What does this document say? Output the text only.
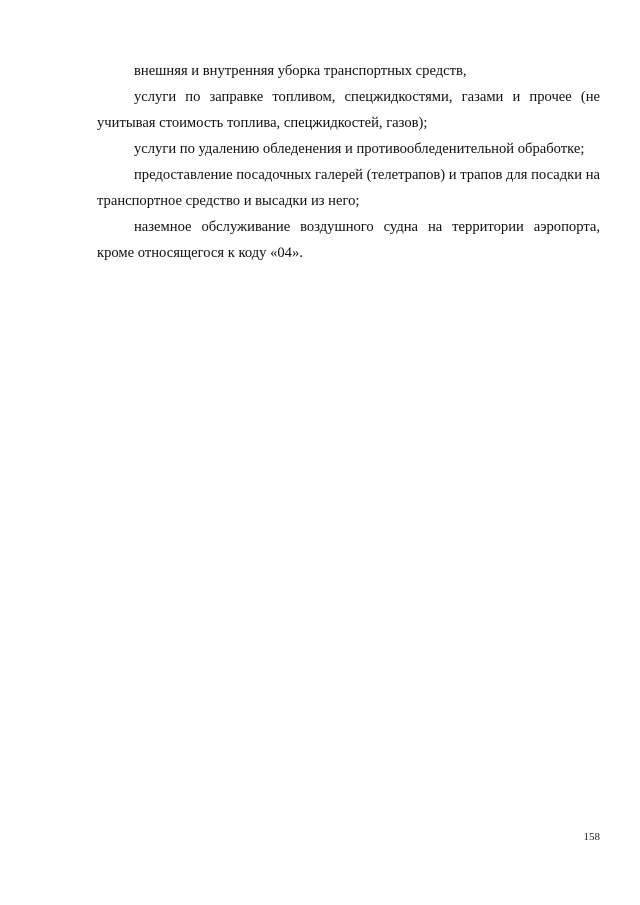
внешняя и внутренняя уборка транспортных средств,

услуги по заправке топливом, спецжидкостями, газами и прочее (не учитывая стоимость топлива, спецжидкостей, газов);

услуги по удалению обледенения и противообледенительной обработке;

предоставление посадочных галерей (телетрапов) и трапов для посадки на транспортное средство и высадки из него;

наземное обслуживание воздушного судна на территории аэропорта, кроме относящегося к коду «04».

158
